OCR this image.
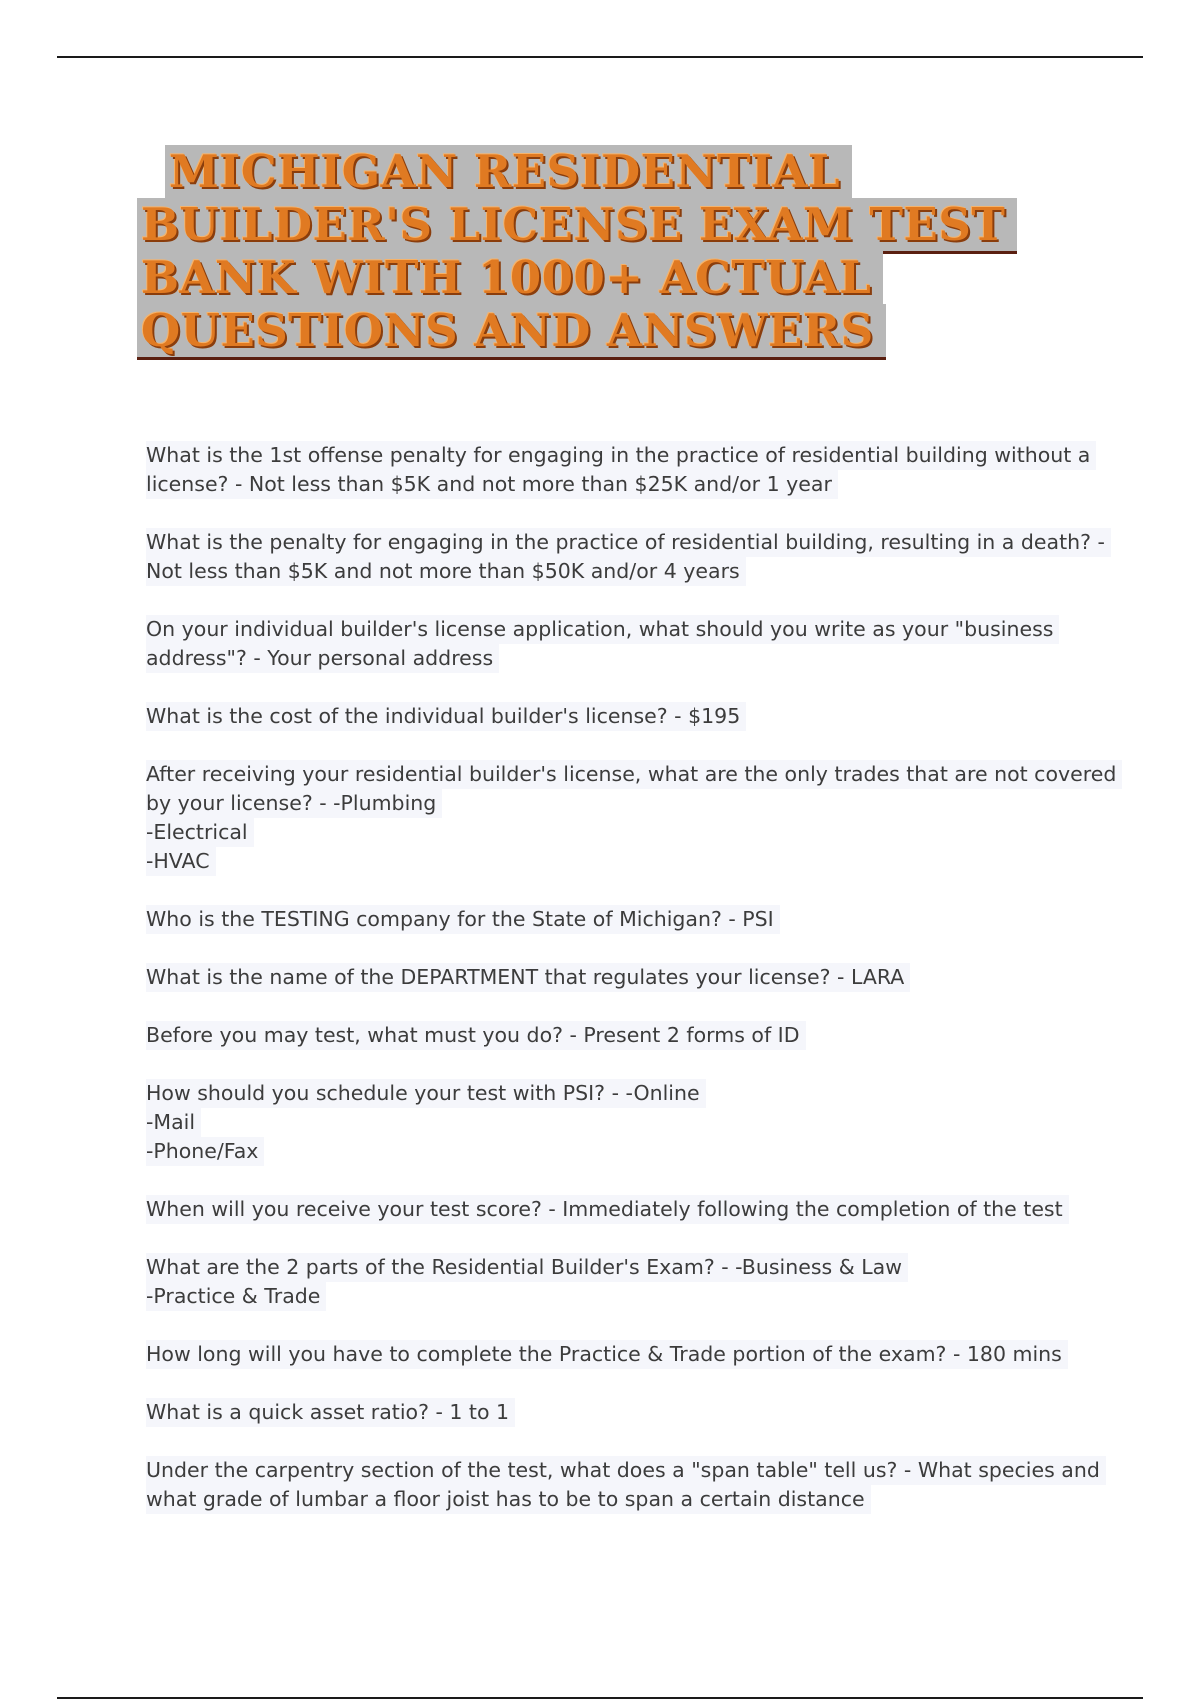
MICHIGAN RESIDENTIAL
BUILDER'S LICENSE EXAM TEST
BANK WITH 1000+ ACTUAL
QUESTIONS AND ANSWERS
What is the 1st offense penalty for engaging in the practice of residential building without a
license? - Not less than $5K and not more than $25K and/or 1 year
What is the penalty for engaging in the practice of residential building, resulting in a death? -
Not less than $5K and not more than $50K and/or 4 years
On your individual builder's license application, what should you write as your "business
address"? - Your personal address
What is the cost of the individual builder's license? - $195
After receiving your residential builder's license, what are the only trades that are not covered
by your license? - -Plumbing
-Electrical
-HVAC
Who is the TESTING company for the State of Michigan? - PSI
What is the name of the DEPARTMENT that regulates your license? - LARA
Before you may test, what must you do? - Present 2 forms of ID
How should you schedule your test with PSI? - -Online
-Mail
-Phone/Fax
When will you receive your test score? - Immediately following the completion of the test
What are the 2 parts of the Residential Builder's Exam? - -Business & Law
-Practice & Trade
How long will you have to complete the Practice & Trade portion of the exam? - 180 mins
What is a quick asset ratio? - 1 to 1
Under the carpentry section of the test, what does a "span table" tell us? - What species and
what grade of lumbar a floor joist has to be to span a certain distance
